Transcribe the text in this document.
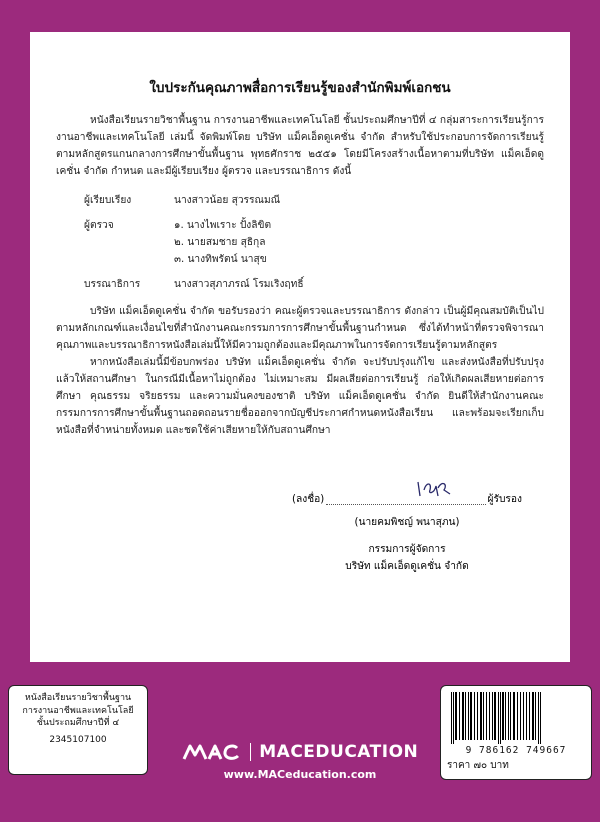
ใบประกันคุณภาพสื่อการเรียนรู้ของสำนักพิมพ์เอกชน

หนังสือเรียนรายวิชาพื้นฐาน การงานอาชีพและเทคโนโลยี ชั้นประถมศึกษาปีที่ ๔ กลุ่มสาระการเรียนรู้การงานอาชีพและเทคโนโลยี เล่มนี้ จัดพิมพ์โดย บริษัท แม็คเอ็ดดูเคชั่น จำกัด สำหรับใช้ประกอบการจัดการเรียนรู้ตามหลักสูตรแกนกลางการศึกษาขั้นพื้นฐาน พุทธศักราช ๒๕๕๑ โดยมีโครงสร้างเนื้อหาตามที่บริษัท แม็คเอ็ดดูเคชั่น จำกัด กำหนด และมีผู้เรียบเรียง ผู้ตรวจ และบรรณาธิการ ดังนี้

ผู้เรียบเรียง	นางสาวน้อย สุวรรณมณี
ผู้ตรวจ	๑. นางไพเราะ ปั้งลิขิต
๒. นายสมชาย สุธิกุล
๓. นางทิพรัตน์ นาสุข
บรรณาธิการ	นางสาวสุภาภรณ์ โรมเริงฤทธิ์

บริษัท แม็คเอ็ดดูเคชั่น จำกัด ขอรับรองว่า คณะผู้ตรวจและบรรณาธิการ ดังกล่าว เป็นผู้มีคุณสมบัติเป็นไปตามหลักเกณฑ์และเงื่อนไขที่สำนักงานคณะกรรมการการศึกษาขั้นพื้นฐานกำหนด ซึ่งได้ทำหน้าที่ตรวจพิจารณาคุณภาพและบรรณาธิการหนังสือเล่มนี้ให้มีความถูกต้องและมีคุณภาพในการจัดการเรียนรู้ตามหลักสูตร

หากหนังสือเล่มนี้มีข้อบกพร่อง บริษัท แม็คเอ็ดดูเคชั่น จำกัด จะปรับปรุงแก้ไข และส่งหนังสือที่ปรับปรุงแล้วให้สถานศึกษา ในกรณีมีเนื้อหาไม่ถูกต้อง ไม่เหมาะสม มีผลเสียต่อการเรียนรู้ ก่อให้เกิดผลเสียหายต่อการศึกษา คุณธรรม จริยธรรม และความมั่นคงของชาติ บริษัท แม็คเอ็ดดูเคชั่น จำกัด ยินดีให้สำนักงานคณะกรรมการการศึกษาขั้นพื้นฐานถอดถอนรายชื่อออกจากบัญชีประกาศกำหนดหนังสือเรียน และพร้อมจะเรียกเก็บหนังสือที่จำหน่ายทั้งหมด และชดใช้ค่าเสียหายให้กับสถานศึกษา

(ลงชื่อ)	ผู้รับรอง
(นายคมพิชญ์ พนาสุภน)
กรรมการผู้จัดการ
บริษัท แม็คเอ็ดดูเคชั่น จำกัด
หนังสือเรียนรายวิชาพื้นฐาน
การงานอาชีพและเทคโนโลยี
ชั้นประถมศึกษาปีที่ ๔
2345107100
MACEDUCATION
www.MACeducation.com
9 786162 749667
ราคา ๗๐ บาท
